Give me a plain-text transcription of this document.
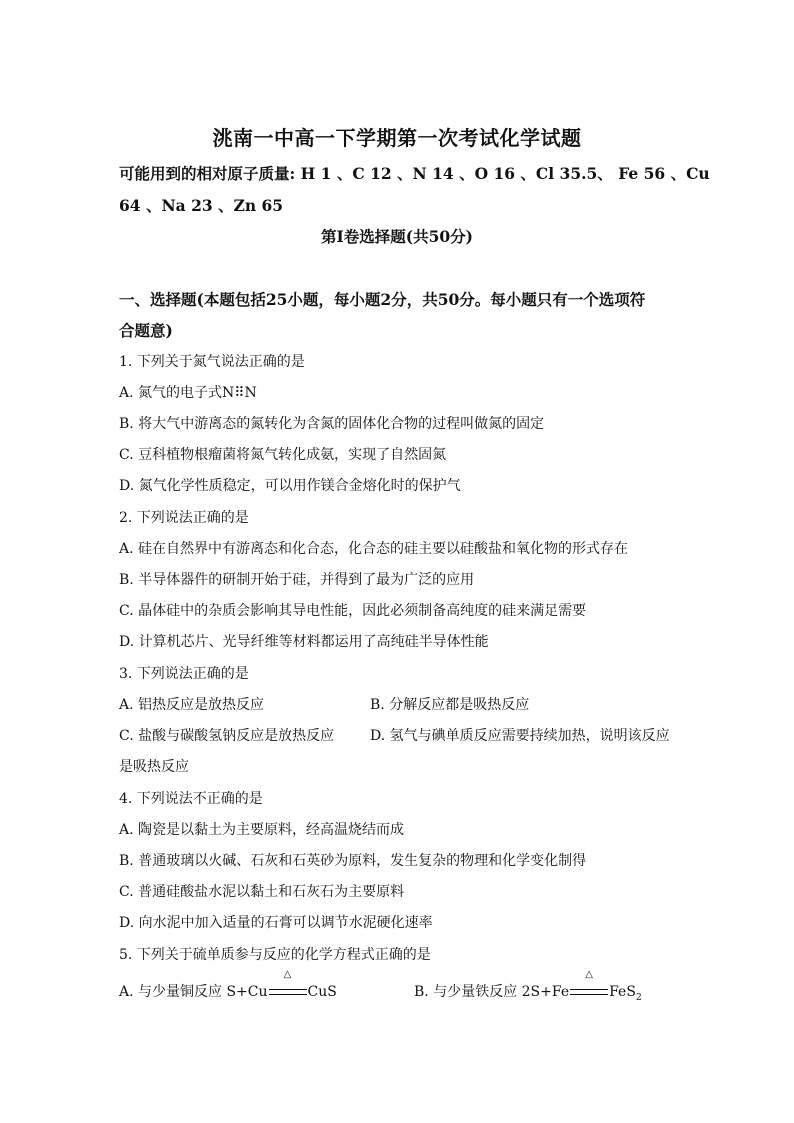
洮南一中高一下学期第一次考试化学试题
可能用到的相对原子质量: H 1 、C 12 、N 14 、O 16 、Cl 35.5、 Fe 56 、Cu
64 、Na 23 、Zn 65
第Ⅰ卷选择题(共50分)
一、选择题(本题包括25小题，每小题2分，共50分。每小题只有一个选项符
合题意)
1. 下列关于氮气说法正确的是
A. 氮气的电子式N⠿N
B. 将大气中游离态的氮转化为含氮的固体化合物的过程叫做氮的固定
C. 豆科植物根瘤菌将氮气转化成氨，实现了自然固氮
D. 氮气化学性质稳定，可以用作镁合金熔化时的保护气
2. 下列说法正确的是
A. 硅在自然界中有游离态和化合态，化合态的硅主要以硅酸盐和氧化物的形式存在
B. 半导体器件的研制开始于硅，并得到了最为广泛的应用
C. 晶体硅中的杂质会影响其导电性能，因此必须制备高纯度的硅来满足需要
D. 计算机芯片、光导纤维等材料都运用了高纯硅半导体性能
3. 下列说法正确的是
A. 铝热反应是放热反应	B. 分解反应都是吸热反应
C. 盐酸与碳酸氢钠反应是放热反应	D. 氢气与碘单质反应需要持续加热，说明该反应
是吸热反应
4. 下列说法不正确的是
A. 陶瓷是以黏土为主要原料，经高温烧结而成
B. 普通玻璃以火碱、石灰和石英砂为原料，发生复杂的物理和化学变化制得
C. 普通硅酸盐水泥以黏土和石灰石为主要原料
D. 向水泥中加入适量的石膏可以调节水泥硬化速率
5. 下列关于硫单质参与反应的化学方程式正确的是
A. 与少量铜反应 S+Cu
△
CuS	B. 与少量铁反应 2S+Fe
△
FeS$_2$
